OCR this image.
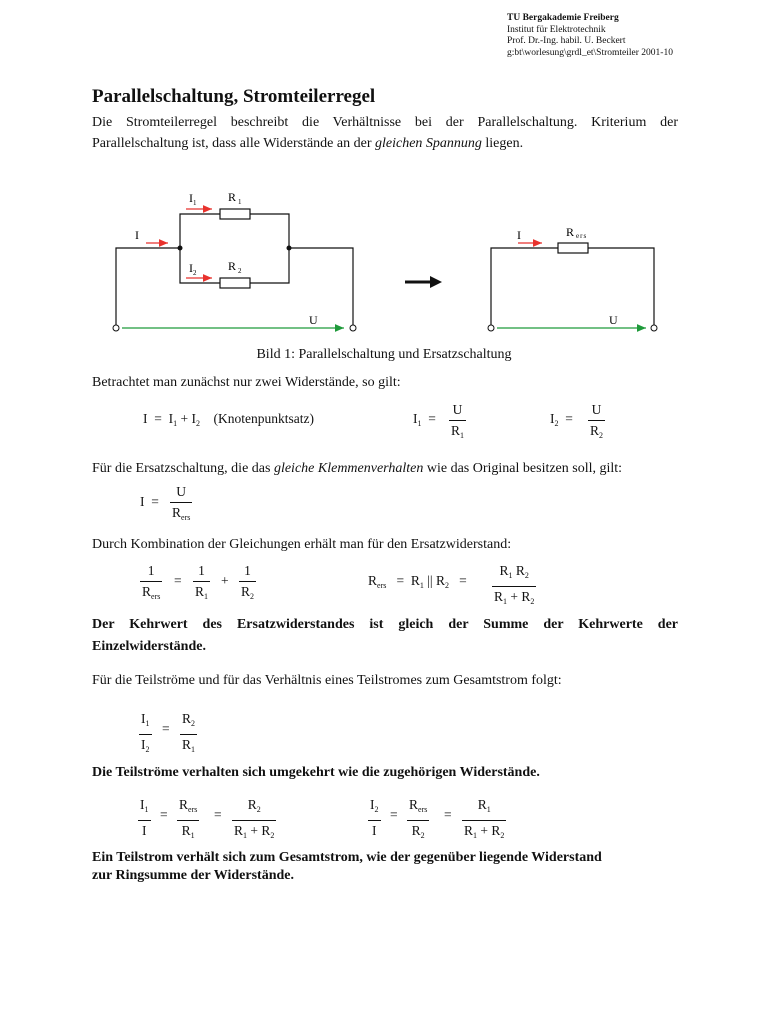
TU Bergakademie Freiberg
Institut für Elektrotechnik
Prof. Dr.-Ing. habil. U. Beckert
g:bt\worlesung\grdl_et\Stromteiler 2001-10
Parallelschaltung, Stromteilerregel
Die Stromteilerregel beschreibt die Verhältnisse bei der Parallelschaltung. Kriterium der
Parallelschaltung ist, dass alle Widerstände an der gleichen Spannung liegen.
I
$I_1$	R $_1$
$I_2$	R $_2$
U
I	Rers
U
Bild 1: Parallelschaltung und Ersatzschaltung
Betrachtet man zunächst nur zwei Widerstände, so gilt:
$I = I_1 + I_2$ (Knotenpunktsatz)	$I_1 = \frac{U}{R_1}$	$I_2 = \frac{U}{R_2}$
Für die Ersatzschaltung, die das gleiche Klemmenverhalten wie das Original besitzen soll, gilt:
I =
U
$R_{ers}$
Durch Kombination der Gleichungen erhält man für den Ersatzwiderstand:
1
$R_{ers}$
= $\frac{1}{R_1} + \frac{1}{R_2}$	$R_{ers} = R_1$ || $R_2 = \frac{R_1 R_2}{R_1 + R_2}$
Der Kehrwert des Ersatzwiderstandes ist gleich der Summe der Kehrwerte der
Einzelwiderstände.
Für die Teilströme und für das Verhältnis eines Teilstromes zum Gesamtstrom folgt:
$\frac{I_1}{I_2} = \frac{R_2}{R_1}$
Die Teilströme verhalten sich umgekehrt wie die zugehörigen Widerstände.
$\frac{I_1}{I}$ =
$R_{ers}$
$R_1$
= $\frac{R_2}{R_1 + R_2}$	$\frac{I_2}{I}$ =
$R_{ers}$
$R_2$
= $\frac{R_1}{R_1 + R_2}$
Ein Teilstrom verhält sich zum Gesamtstrom, wie der gegenüber liegende Widerstand
zur Ringsumme der Widerstände.
